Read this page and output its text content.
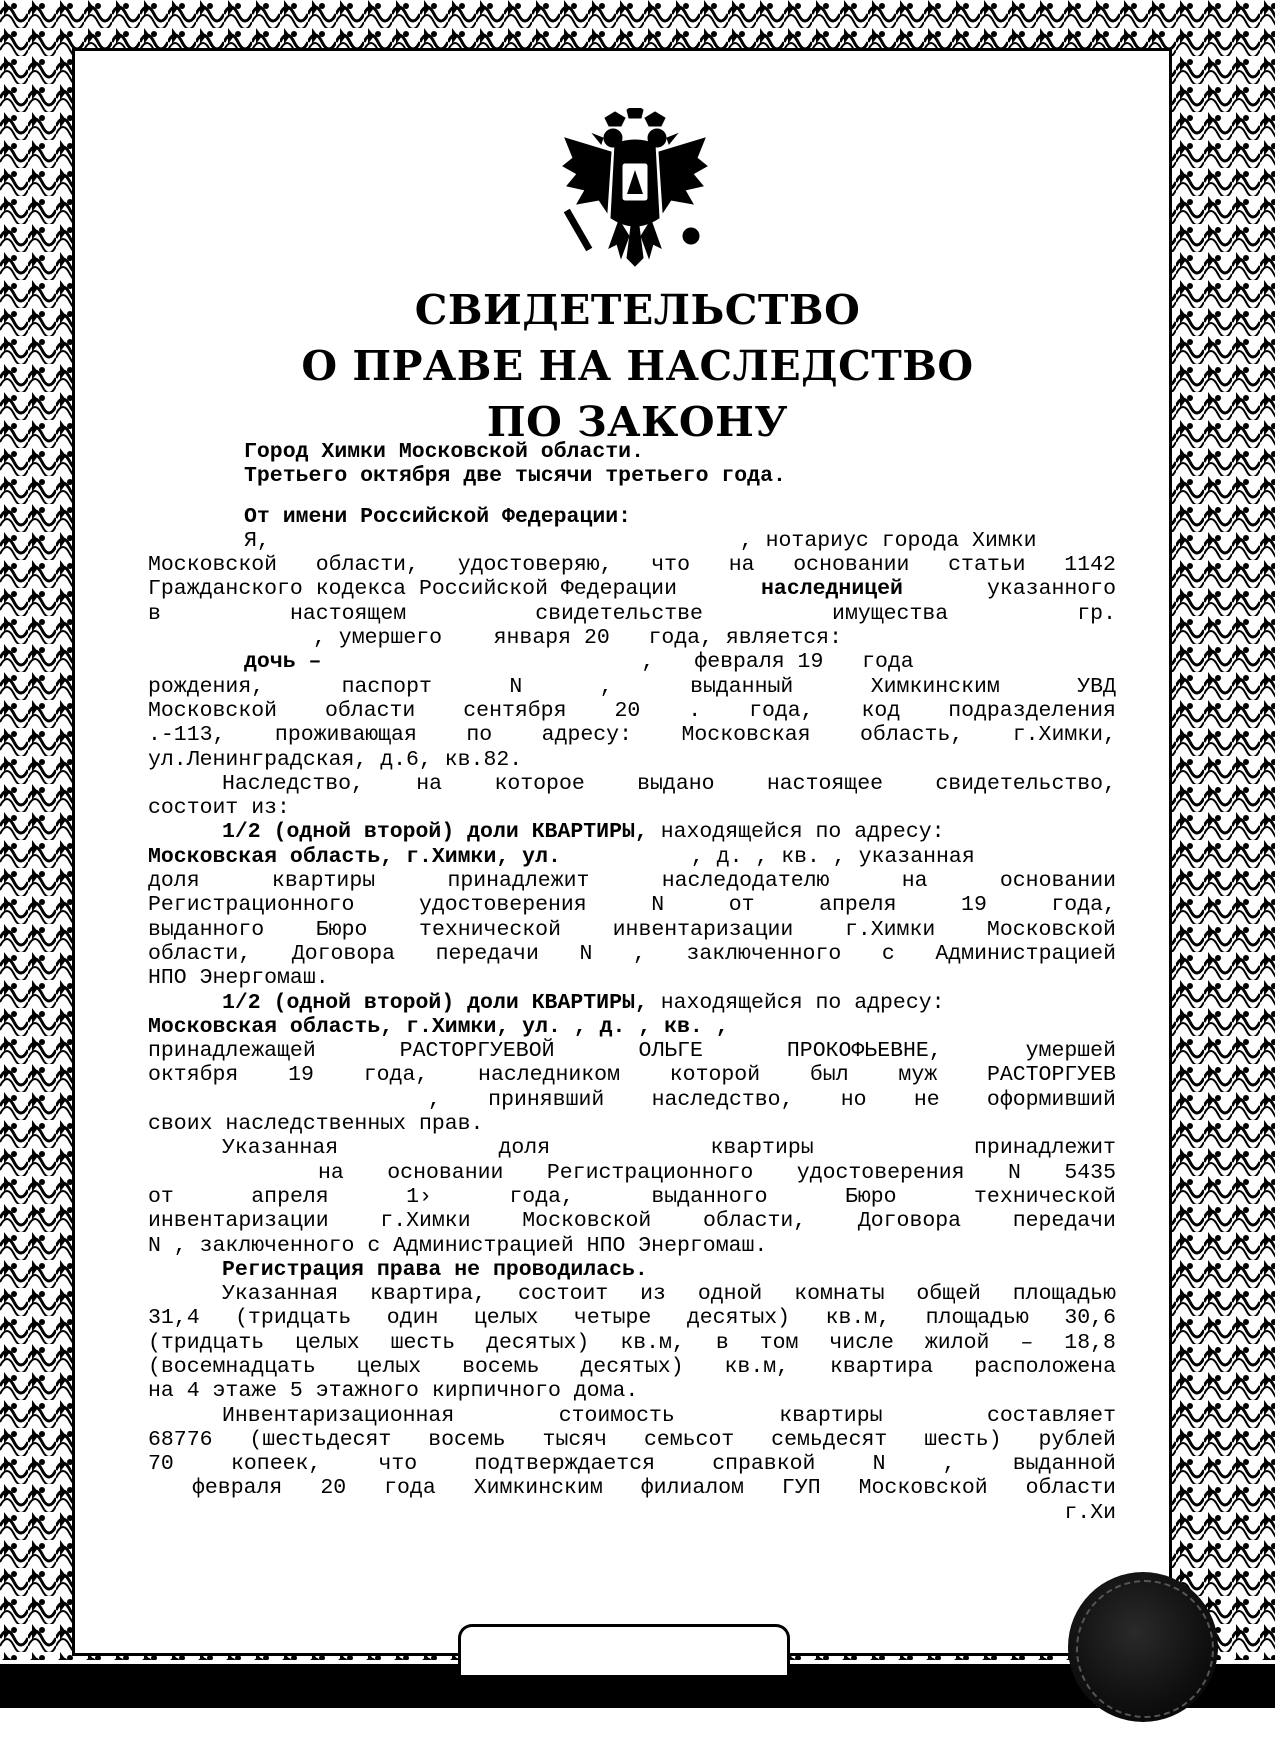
СВИДЕТЕЛЬСТВО
О ПРАВЕ НА НАСЛЕДСТВО
ПО ЗАКОНУ
Город Химки Московской области.
Третьего октября две тысячи третьего года.
От имени Российской Федерации:
Я,	, нотариус города Химки
Московской области, удостоверяю, что на основании статьи 1142
Гражданского кодекса Российской Федерации	наследницей	указанного
в	настоящем	свидетельстве	имущества	гр.
, умершего    января 20   года, является:
дочь –	, февраля 19   года
рождения,	паспорт	N	,	выданный	Химкинским	УВД
Московской области сентября 20 . года, код подразделения
.-113, проживающая по адресу: Московская область, г.Химки,
ул.Ленинградская, д.6, кв.82.
Наследство, на которое выдано настоящее свидетельство,
состоит из:
1/2 (одной второй) доли КВАРТИРЫ, находящейся по адресу:
Московская область, г.Химки, ул.	, д. , кв. , указанная
доля	квартиры	принадлежит	наследодателю	на	основании
Регистрационного	удостоверения	N	от	апреля	19	года,
выданного Бюро технической инвентаризации г.Химки Московской
области, Договора передачи N , заключенного с Администрацией
НПО Энергомаш.
1/2 (одной второй) доли КВАРТИРЫ, находящейся по адресу:
Московская область, г.Химки, ул. , д. , кв. ,
принадлежащей	РАСТОРГУЕВОЙ	ОЛЬГЕ	ПРОКОФЬЕВНЕ,	умершей
октября 19 года, наследником которой был муж РАСТОРГУЕВ
, принявший наследство, но не оформивший
своих наследственных прав.
Указанная	доля	квартиры	принадлежит
на основании Регистрационного удостоверения N 5435
от	апреля	1›	года,	выданного	Бюро	технической
инвентаризации г.Химки Московской области, Договора передачи
N , заключенного с Администрацией НПО Энергомаш.
Регистрация права не проводилась.
Указанная квартира, состоит из одной комнаты общей площадью
31,4 (тридцать один целых четыре десятых) кв.м, площадью 30,6
(тридцать целых шесть десятых) кв.м, в том числе жилой – 18,8
(восемнадцать целых восемь десятых) кв.м, квартира расположена
на 4 этаже 5 этажного кирпичного дома.
Инвентаризационная	стоимость	квартиры	составляет
68776 (шестьдесят восемь тысяч семьсот семьдесят шесть) рублей
70	копеек,	что	подтверждается	справкой	N	,	выданной
февраля 20 года Химкинским филиалом ГУП Московской области
г.Хи
